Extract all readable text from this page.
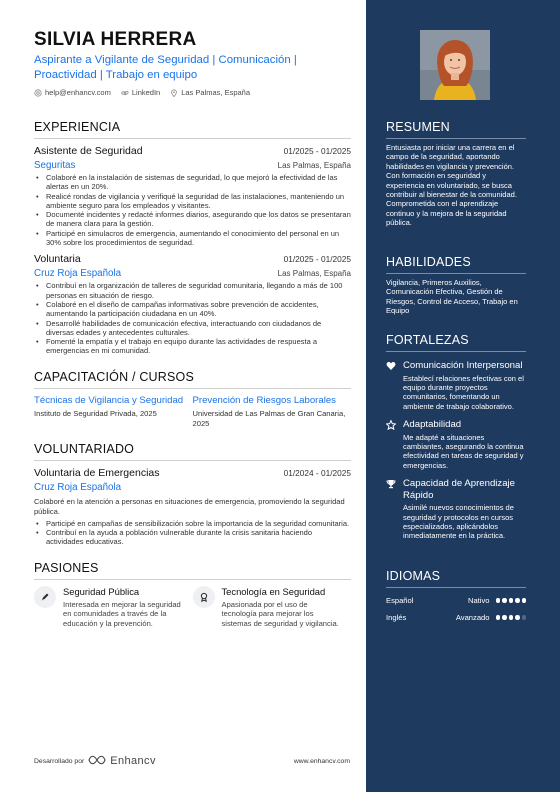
SILVIA HERRERA
Aspirante a Vigilante de Seguridad | Comunicación | Proactividad | Trabajo en equipo
help@enhancv.com	LinkedIn	Las Palmas, España
EXPERIENCIA
Asistente de Seguridad	01/2025 - 01/2025
Seguritas	Las Palmas, España
• Colaboré en la instalación de sistemas de seguridad, lo que mejoró la efectividad de las alertas en un 20%.
• Realicé rondas de vigilancia y verifiqué la seguridad de las instalaciones, manteniendo un ambiente seguro para los empleados y visitantes.
• Documenté incidentes y redacté informes diarios, asegurando que los datos se presentaran de manera clara para la gestión.
• Participé en simulacros de emergencia, aumentando el conocimiento del personal en un 30% sobre los procedimientos de seguridad.
Voluntaria	01/2025 - 01/2025
Cruz Roja Española	Las Palmas, España
• Contribuí en la organización de talleres de seguridad comunitaria, llegando a más de 100 personas en situación de riesgo.
• Colaboré en el diseño de campañas informativas sobre prevención de accidentes, aumentando la participación ciudadana en un 40%.
• Desarrollé habilidades de comunicación efectiva, interactuando con ciudadanos de diversas edades y antecedentes culturales.
• Fomenté la empatía y el trabajo en equipo durante las actividades de respuesta a emergencias en mi comunidad.
CAPACITACIÓN / CURSOS
Técnicas de Vigilancia y Seguridad
Instituto de Seguridad Privada, 2025
Prevención de Riesgos Laborales
Universidad de Las Palmas de Gran Canaria, 2025
VOLUNTARIADO
Voluntaria de Emergencias	01/2024 - 01/2025
Cruz Roja Española
Colaboré en la atención a personas en situaciones de emergencia, promoviendo la seguridad pública.
• Participé en campañas de sensibilización sobre la importancia de la seguridad comunitaria.
• Contribuí en la ayuda a población vulnerable durante la crisis sanitaria haciendo actividades educativas.
PASIONES
Seguridad Pública
Interesada en mejorar la seguridad en comunidades a través de la educación y la prevención.
Tecnología en Seguridad
Apasionada por el uso de tecnología para mejorar los sistemas de seguridad y vigilancia.
Desarrollado por Enhancv	www.enhancv.com
RESUMEN
Entusiasta por iniciar una carrera en el campo de la seguridad, aportando habilidades en vigilancia y prevención. Con formación en seguridad y experiencia en voluntariado, se busca contribuir al bienestar de la comunidad. Comprometida con el aprendizaje continuo y la mejora de la seguridad pública.
HABILIDADES
Vigilancia, Primeros Auxilios, Comunicación Efectiva, Gestión de Riesgos, Control de Acceso, Trabajo en Equipo
FORTALEZAS
Comunicación Interpersonal
Establecí relaciones efectivas con el equipo durante proyectos comunitarios, fomentando un ambiente de trabajo colaborativo.
Adaptabilidad
Me adapté a situaciones cambiantes, asegurando la continua efectividad en tareas de seguridad y emergencias.
Capacidad de Aprendizaje Rápido
Asimilé nuevos conocimientos de seguridad y protocolos en cursos especializados, aplicándolos inmediatamente en la práctica.
IDIOMAS
Español	Nativo
Inglés	Avanzado
